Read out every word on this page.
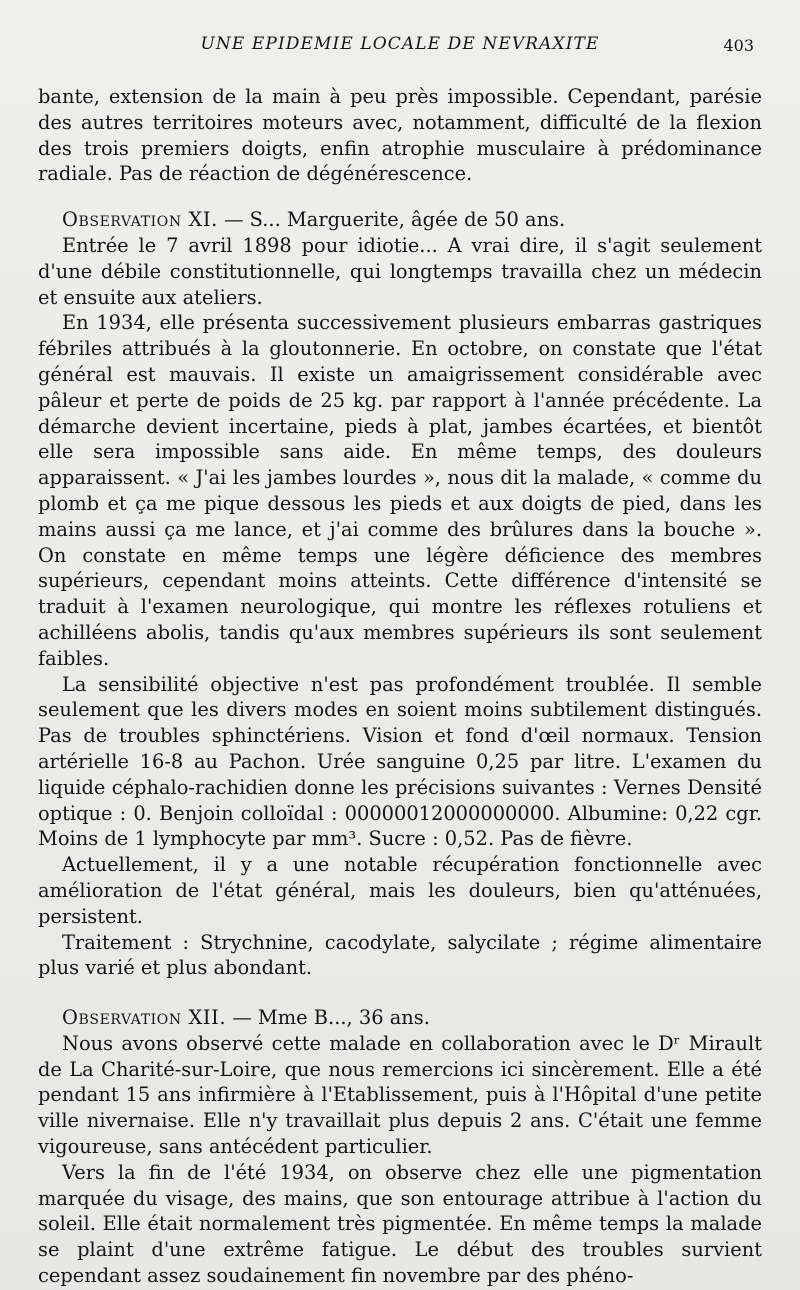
UNE EPIDEMIE LOCALE DE NEVRAXITE	403

bante, extension de la main à peu près impossible. Cependant, parésie des autres territoires moteurs avec, notamment, difficulté de la flexion des trois premiers doigts, enfin atrophie musculaire à prédominance radiale. Pas de réaction de dégénérescence.

Observation XI. — S... Marguerite, âgée de 50 ans.

Entrée le 7 avril 1898 pour idiotie... A vrai dire, il s'agit seulement d'une débile constitutionnelle, qui longtemps travailla chez un médecin et ensuite aux ateliers.

En 1934, elle présenta successivement plusieurs embarras gastriques fébriles attribués à la gloutonnerie. En octobre, on constate que l'état général est mauvais. Il existe un amaigrissement considérable avec pâleur et perte de poids de 25 kg. par rapport à l'année précédente. La démarche devient incertaine, pieds à plat, jambes écartées, et bientôt elle sera impossible sans aide. En même temps, des douleurs apparaissent. « J'ai les jambes lourdes », nous dit la malade, « comme du plomb et ça me pique dessous les pieds et aux doigts de pied, dans les mains aussi ça me lance, et j'ai comme des brûlures dans la bouche ». On constate en même temps une légère déficience des membres supérieurs, cependant moins atteints. Cette différence d'intensité se traduit à l'examen neurologique, qui montre les réflexes rotuliens et achilléens abolis, tandis qu'aux membres supérieurs ils sont seulement faibles.

La sensibilité objective n'est pas profondément troublée. Il semble seulement que les divers modes en soient moins subtilement distingués. Pas de troubles sphinctériens. Vision et fond d'œil normaux. Tension artérielle 16-8 au Pachon. Urée sanguine 0,25 par litre. L'examen du liquide céphalo-rachidien donne les précisions suivantes : Vernes Densité optique : 0. Benjoin colloïdal : 00000012000000000. Albumine: 0,22 cgr. Moins de 1 lymphocyte par mm³. Sucre : 0,52. Pas de fièvre.

Actuellement, il y a une notable récupération fonctionnelle avec amélioration de l'état général, mais les douleurs, bien qu'atténuées, persistent.

Traitement : Strychnine, cacodylate, salycilate ; régime alimentaire plus varié et plus abondant.

Observation XII. — Mme B..., 36 ans.

Nous avons observé cette malade en collaboration avec le Dʳ Mirault de La Charité-sur-Loire, que nous remercions ici sincèrement. Elle a été pendant 15 ans infirmière à l'Etablissement, puis à l'Hôpital d'une petite ville nivernaise. Elle n'y travaillait plus depuis 2 ans. C'était une femme vigoureuse, sans antécédent particulier.

Vers la fin de l'été 1934, on observe chez elle une pigmentation marquée du visage, des mains, que son entourage attribue à l'action du soleil. Elle était normalement très pigmentée. En même temps la malade se plaint d'une extrême fatigue. Le début des troubles survient cependant assez soudainement fin novembre par des phéno-
